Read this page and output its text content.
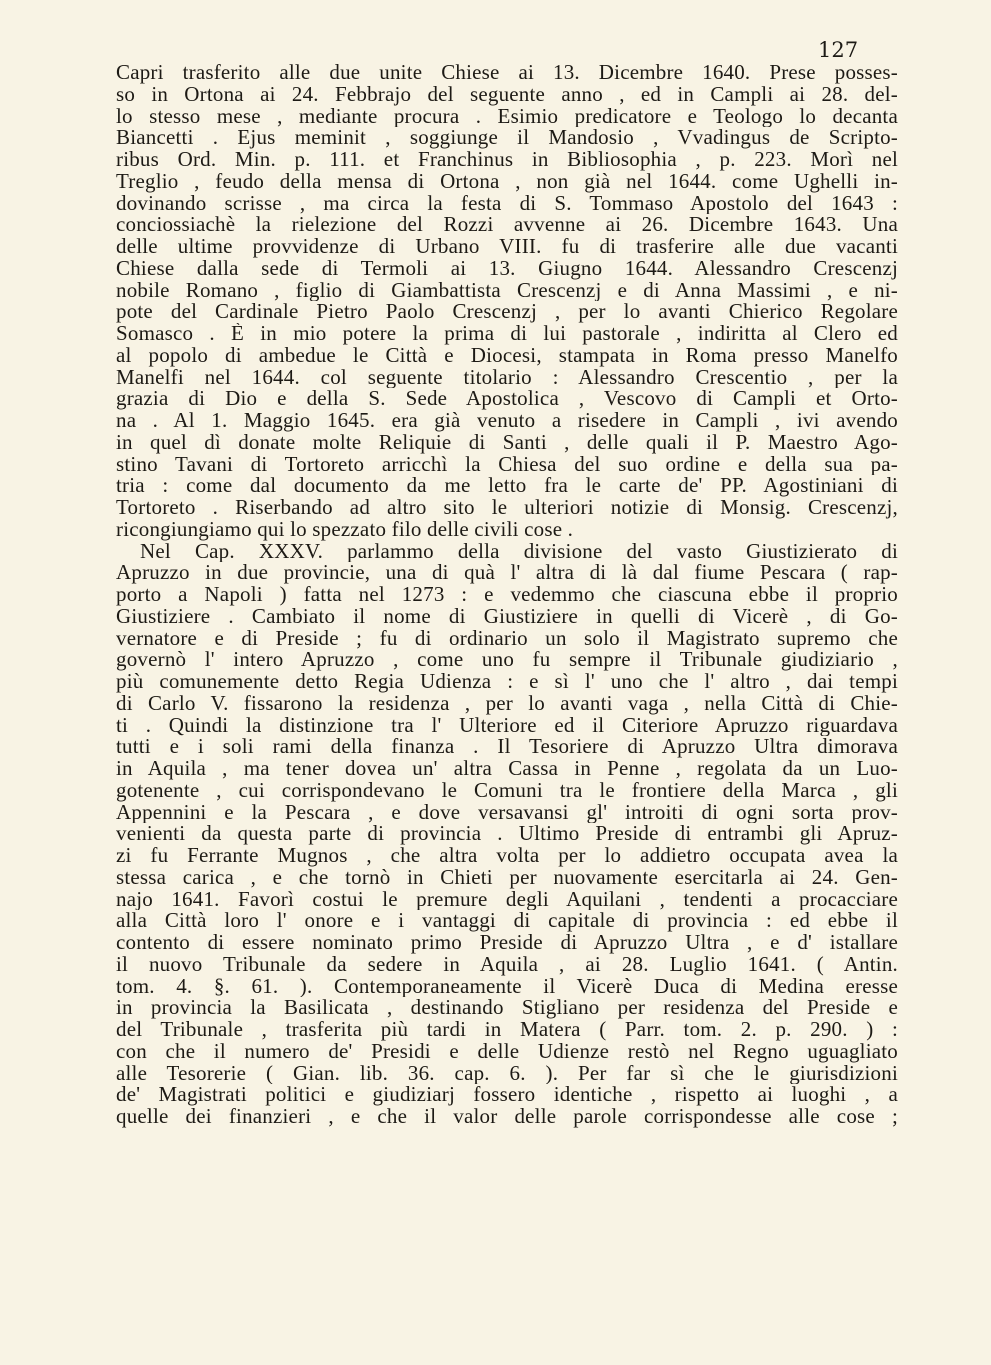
127
Capri trasferito alle due unite Chiese ai 13. Dicembre 1640. Prese posses-
so in Ortona ai 24. Febbrajo del seguente anno , ed in Campli ai 28. del-
lo stesso mese , mediante procura . Esimio predicatore e Teologo lo decanta
Biancetti . Ejus meminit , soggiunge il Mandosio , Vvadingus de Scripto-
ribus Ord. Min. p. 111. et Franchinus in Bibliosophia , p. 223. Morì nel
Treglio , feudo della mensa di Ortona , non già nel 1644. come Ughelli in-
dovinando scrisse , ma circa la festa di S. Tommaso Apostolo del 1643 :
conciossiachè la rielezione del Rozzi avvenne ai 26. Dicembre 1643. Una
delle ultime provvidenze di Urbano VIII. fu di trasferire alle due vacanti
Chiese dalla sede di Termoli ai 13. Giugno 1644. Alessandro Crescenzj
nobile Romano , figlio di Giambattista Crescenzj e di Anna Massimi , e ni-
pote del Cardinale Pietro Paolo Crescenzj , per lo avanti Chierico Regolare
Somasco . È in mio potere la prima di lui pastorale , indiritta al Clero ed
al popolo di ambedue le Città e Diocesi, stampata in Roma presso Manelfo
Manelfi nel 1644. col seguente titolario : Alessandro Crescentio , per la
grazia di Dio e della S. Sede Apostolica , Vescovo di Campli et Orto-
na . Al 1. Maggio 1645. era già venuto a risedere in Campli , ivi avendo
in quel dì donate molte Reliquie di Santi , delle quali il P. Maestro Ago-
stino Tavani di Tortoreto arricchì la Chiesa del suo ordine e della sua pa-
tria : come dal documento da me letto fra le carte de' PP. Agostiniani di
Tortoreto . Riserbando ad altro sito le ulteriori notizie di Monsig. Crescenzj,
ricongiungiamo qui lo spezzato filo delle civili cose .
Nel Cap. XXXV. parlammo della divisione del vasto Giustizierato di
Apruzzo in due provincie, una di quà l' altra di là dal fiume Pescara ( rap-
porto a Napoli ) fatta nel 1273 : e vedemmo che ciascuna ebbe il proprio
Giustiziere . Cambiato il nome di Giustiziere in quelli di Vicerè , di Go-
vernatore e di Preside ; fu di ordinario un solo il Magistrato supremo che
governò l' intero Apruzzo , come uno fu sempre il Tribunale giudiziario ,
più comunemente detto Regia Udienza : e sì l' uno che l' altro , dai tempi
di Carlo V. fissarono la residenza , per lo avanti vaga , nella Città di Chie-
ti . Quindi la distinzione tra l' Ulteriore ed il Citeriore Apruzzo riguardava
tutti e i soli rami della finanza . Il Tesoriere di Apruzzo Ultra dimorava
in Aquila , ma tener dovea un' altra Cassa in Penne , regolata da un Luo-
gotenente , cui corrispondevano le Comuni tra le frontiere della Marca , gli
Appennini e la Pescara , e dove versavansi gl' introiti di ogni sorta prov-
venienti da questa parte di provincia . Ultimo Preside di entrambi gli Apruz-
zi fu Ferrante Mugnos , che altra volta per lo addietro occupata avea la
stessa carica , e che tornò in Chieti per nuovamente esercitarla ai 24. Gen-
najo 1641. Favorì costui le premure degli Aquilani , tendenti a procacciare
alla Città loro l' onore e i vantaggi di capitale di provincia : ed ebbe il
contento di essere nominato primo Preside di Apruzzo Ultra , e d' istallare
il nuovo Tribunale da sedere in Aquila , ai 28. Luglio 1641. ( Antin.
tom. 4. §. 61. ). Contemporaneamente il Vicerè Duca di Medina eresse
in provincia la Basilicata , destinando Stigliano per residenza del Preside e
del Tribunale , trasferita più tardi in Matera ( Parr. tom. 2. p. 290. ) :
con che il numero de' Presidi e delle Udienze restò nel Regno uguagliato
alle Tesorerie ( Gian. lib. 36. cap. 6. ). Per far sì che le giurisdizioni
de' Magistrati politici e giudiziarj fossero identiche , rispetto ai luoghi , a
quelle dei finanzieri , e che il valor delle parole corrispondesse alle cose ;
